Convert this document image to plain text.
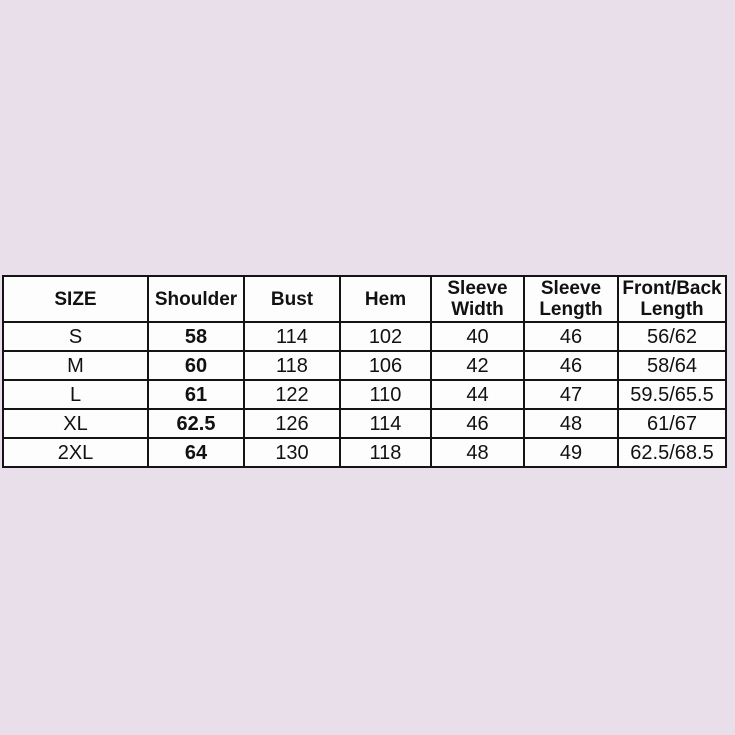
SIZE	Shoulder	Bust	Hem	Sleeve Width	Sleeve Length	Front/Back Length
S	58	114	102	40	46	56/62
M	60	118	106	42	46	58/64
L	61	122	110	44	47	59.5/65.5
XL	62.5	126	114	46	48	61/67
2XL	64	130	118	48	49	62.5/68.5
